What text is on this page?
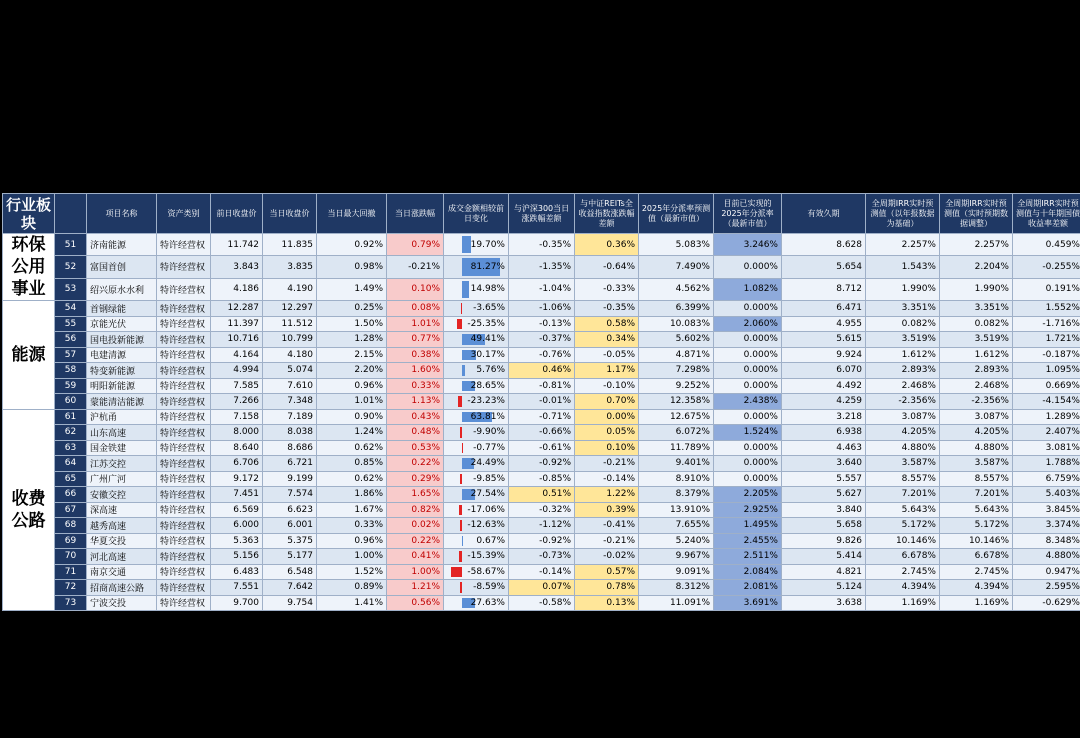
行业板块		项目名称	资产类别	前日收盘价	当日收盘价	当日最大回撤	当日涨跌幅	成交金额相较前日变化	与沪深300当日涨跌幅差额	与中证REITs全收益指数涨跌幅差额	2025年分派率预测值（最新市值）	目前已实现的2025年分派率（最新市值）	有效久期	全周期IRR实时预测值（以年报数据为基础）	全周期IRR实时预测值（实时预期数据调整）	全周期IRR实时预测值与十年期国债收益率差额
环保公用事业	51	济南能源	特许经营权	11.742	11.835	0.92%	0.79%	19.70%	-0.35%	0.36%	5.083%	3.246%	8.628	2.257%	2.257%	0.459%
	52	富国首创	特许经营权	3.843	3.835	0.98%	-0.21%	81.27%	-1.35%	-0.64%	7.490%	0.000%	5.654	1.543%	2.204%	-0.255%
	53	绍兴原水水利	特许经营权	4.186	4.190	1.49%	0.10%	14.98%	-1.04%	-0.33%	4.562%	1.082%	8.712	1.990%	1.990%	0.191%
能源	54	首钢绿能	特许经营权	12.287	12.297	0.25%	0.08%	-3.65%	-1.06%	-0.35%	6.399%	0.000%	6.471	3.351%	3.351%	1.552%
	55	京能光伏	特许经营权	11.397	11.512	1.50%	1.01%	-25.35%	-0.13%	0.58%	10.083%	2.060%	4.955	0.082%	0.082%	-1.716%
	56	国电投新能源	特许经营权	10.716	10.799	1.28%	0.77%	49.41%	-0.37%	0.34%	5.602%	0.000%	5.615	3.519%	3.519%	1.721%
	57	电建清源	特许经营权	4.164	4.180	2.15%	0.38%	30.17%	-0.76%	-0.05%	4.871%	0.000%	9.924	1.612%	1.612%	-0.187%
	58	特变新能源	特许经营权	4.994	5.074	2.20%	1.60%	5.76%	0.46%	1.17%	7.298%	0.000%	6.070	2.893%	2.893%	1.095%
	59	明阳新能源	特许经营权	7.585	7.610	0.96%	0.33%	28.65%	-0.81%	-0.10%	9.252%	0.000%	4.492	2.468%	2.468%	0.669%
	60	蒙能清洁能源	特许经营权	7.266	7.348	1.01%	1.13%	-23.23%	-0.01%	0.70%	12.358%	2.438%	4.259	-2.356%	-2.356%	-4.154%
收费公路	61	沪杭甬	特许经营权	7.158	7.189	0.90%	0.43%	63.81%	-0.71%	0.00%	12.675%	0.000%	3.218	3.087%	3.087%	1.289%
	62	山东高速	特许经营权	8.000	8.038	1.24%	0.48%	-9.90%	-0.66%	0.05%	6.072%	1.524%	6.938	4.205%	4.205%	2.407%
	63	国金铁建	特许经营权	8.640	8.686	0.62%	0.53%	-0.77%	-0.61%	0.10%	11.789%	0.000%	4.463	4.880%	4.880%	3.081%
	64	江苏交控	特许经营权	6.706	6.721	0.85%	0.22%	24.49%	-0.92%	-0.21%	9.401%	0.000%	3.640	3.587%	3.587%	1.788%
	65	广州广河	特许经营权	9.172	9.199	0.62%	0.29%	-9.85%	-0.85%	-0.14%	8.910%	0.000%	5.557	8.557%	8.557%	6.759%
	66	安徽交控	特许经营权	7.451	7.574	1.86%	1.65%	27.54%	0.51%	1.22%	8.379%	2.205%	5.627	7.201%	7.201%	5.403%
	67	深高速	特许经营权	6.569	6.623	1.67%	0.82%	-17.06%	-0.32%	0.39%	13.910%	2.925%	3.840	5.643%	5.643%	3.845%
	68	越秀高速	特许经营权	6.000	6.001	0.33%	0.02%	-12.63%	-1.12%	-0.41%	7.655%	1.495%	5.658	5.172%	5.172%	3.374%
	69	华夏交投	特许经营权	5.363	5.375	0.96%	0.22%	0.67%	-0.92%	-0.21%	5.240%	2.455%	9.826	10.146%	10.146%	8.348%
	70	河北高速	特许经营权	5.156	5.177	1.00%	0.41%	-15.39%	-0.73%	-0.02%	9.967%	2.511%	5.414	6.678%	6.678%	4.880%
	71	南京交通	特许经营权	6.483	6.548	1.52%	1.00%	-58.67%	-0.14%	0.57%	9.091%	2.084%	4.821	2.745%	2.745%	0.947%
	72	招商高速公路	特许经营权	7.551	7.642	0.89%	1.21%	-8.59%	0.07%	0.78%	8.312%	2.081%	5.124	4.394%	4.394%	2.595%
	73	宁波交投	特许经营权	9.700	9.754	1.41%	0.56%	27.63%	-0.58%	0.13%	11.091%	3.691%	3.638	1.169%	1.169%	-0.629%
